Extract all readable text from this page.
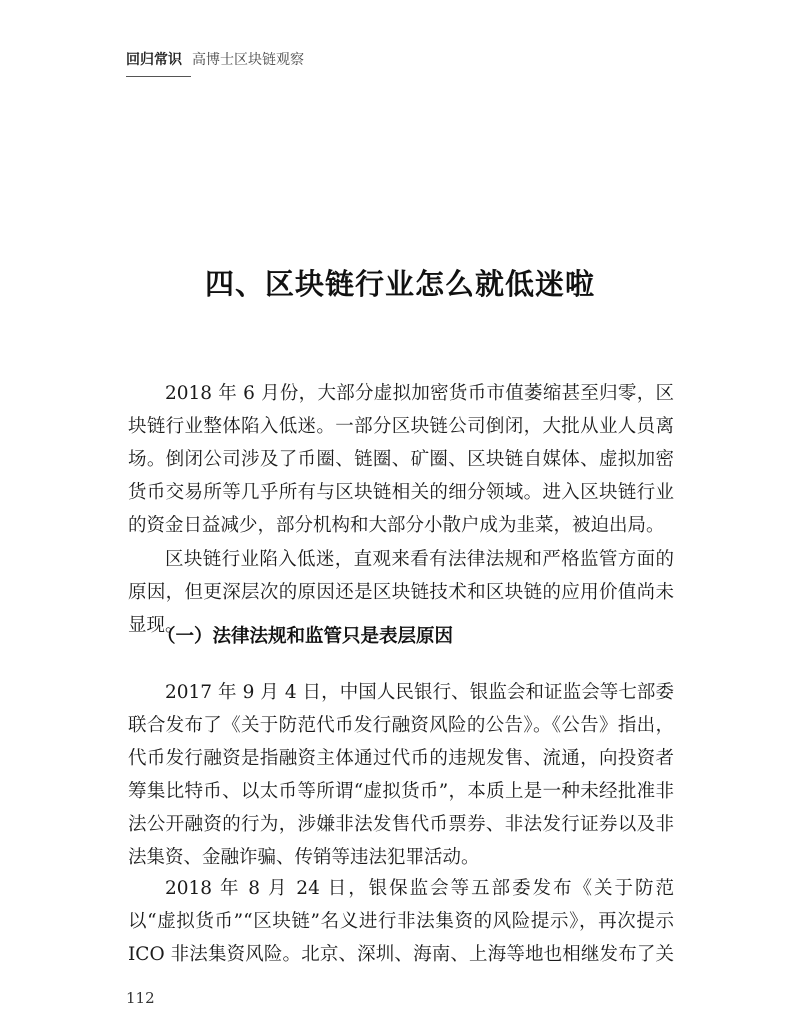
回归常识 高博士区块链观察
四、区块链行业怎么就低迷啦

2018 年 6 月份，大部分虚拟加密货币市值萎缩甚至归零，区块链行业整体陷入低迷。一部分区块链公司倒闭，大批从业人员离场。倒闭公司涉及了币圈、链圈、矿圈、区块链自媒体、虚拟加密货币交易所等几乎所有与区块链相关的细分领域。进入区块链行业的资金日益减少，部分机构和大部分小散户成为韭菜，被迫出局。

区块链行业陷入低迷，直观来看有法律法规和严格监管方面的原因，但更深层次的原因还是区块链技术和区块链的应用价值尚未显现。

（一）法律法规和监管只是表层原因

2017 年 9 月 4 日，中国人民银行、银监会和证监会等七部委联合发布了《关于防范代币发行融资风险的公告》。《公告》指出，代币发行融资是指融资主体通过代币的违规发售、流通，向投资者筹集比特币、以太币等所谓“虚拟货币”，本质上是一种未经批准非法公开融资的行为，涉嫌非法发售代币票券、非法发行证券以及非法集资、金融诈骗、传销等违法犯罪活动。

2018 年 8 月 24 日，银保监会等五部委发布《关于防范以“虚拟货币”“区块链”名义进行非法集资的风险提示》，再次提示 ICO 非法集资风险。北京、深圳、海南、上海等地也相继发布了关

112
